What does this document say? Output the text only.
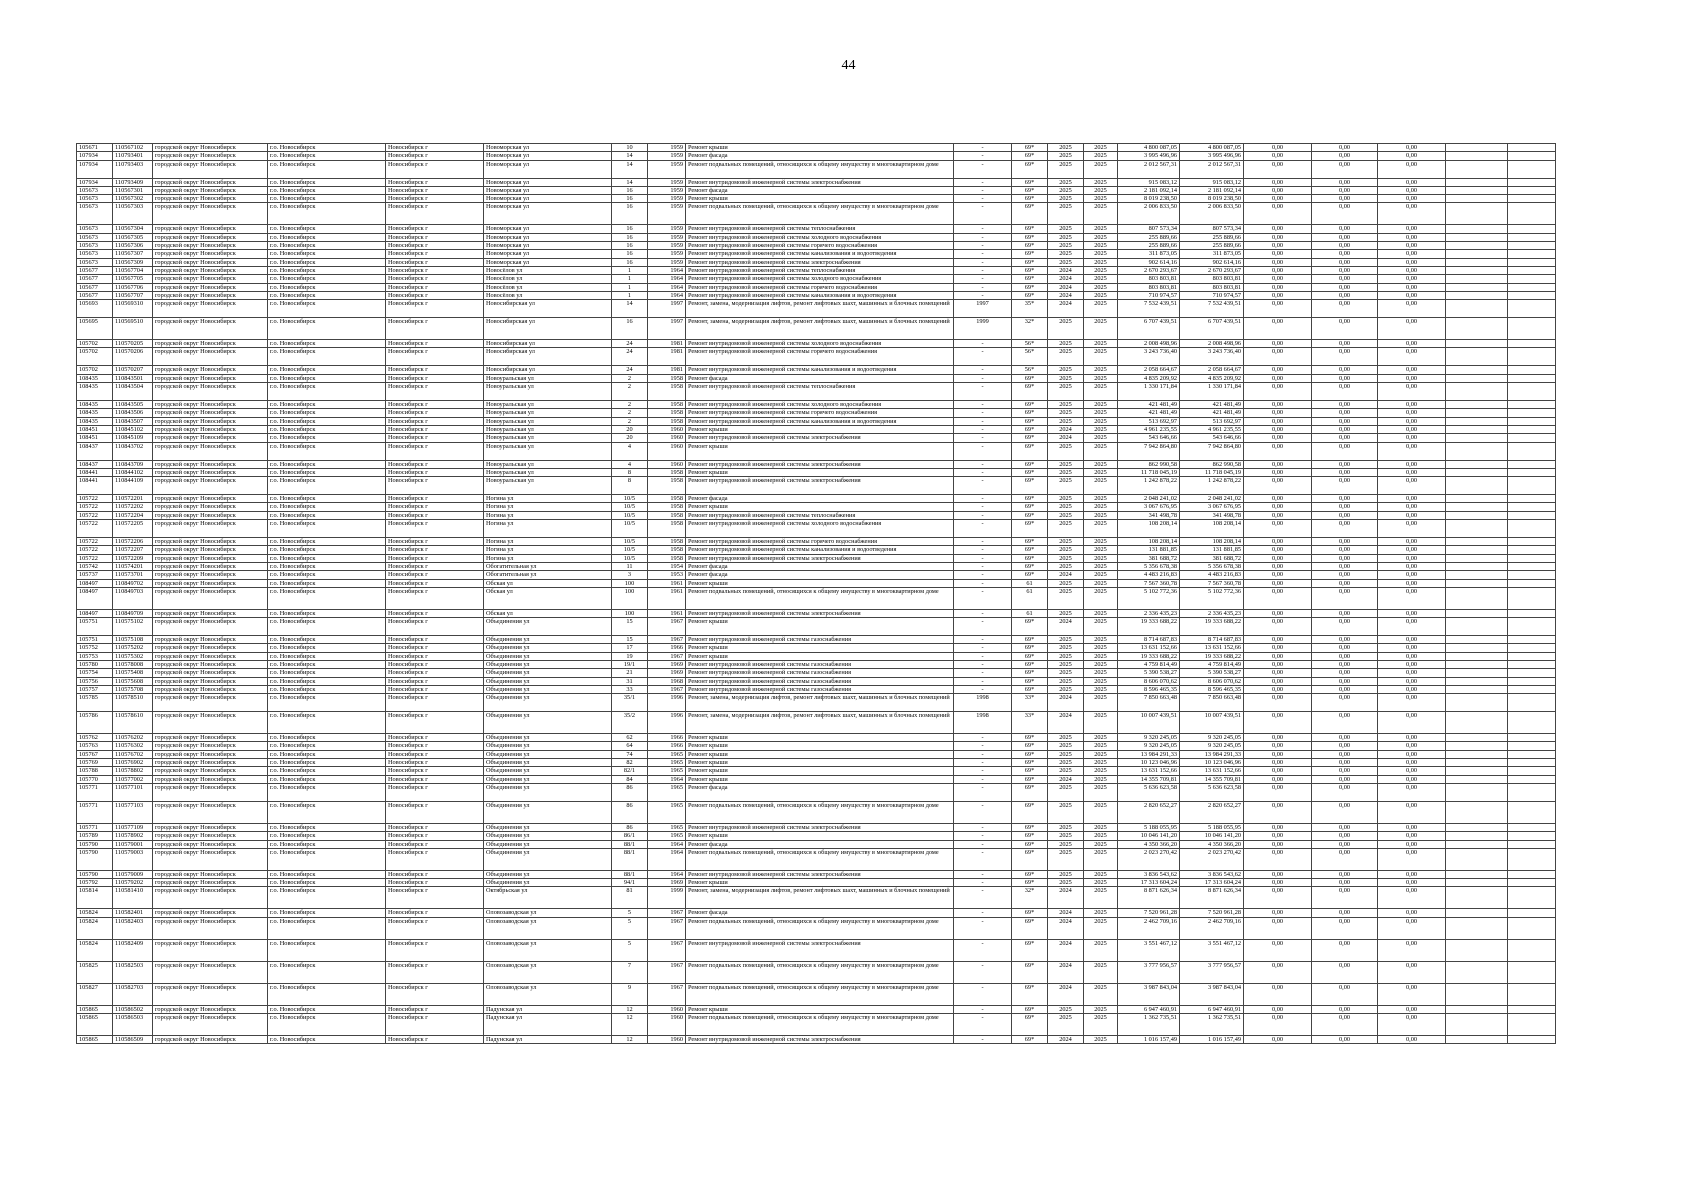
44
105671	110567102	городской округ Новосибирск	г.о. Новосибирск	Новосибирск г	Новоморская ул	10	1959	Ремонт крыши	-	69*	2025	2025	4 800 087,05	4 800 087,05	0,00	0,00	0,00		
107934	110793401	городской округ Новосибирск	г.о. Новосибирск	Новосибирск г	Новоморская ул	14	1959	Ремонт фасада	-	69*	2025	2025	3 995 496,96	3 995 496,96	0,00	0,00	0,00		
107934	110793403	городской округ Новосибирск	г.о. Новосибирск	Новосибирск г	Новоморская ул	14	1959	Ремонт подвальных помещений, относящихся к общему имуществу в многоквартирном доме	-	69*	2025	2025	2 012 567,31	2 012 567,31	0,00	0,00	0,00		
107934	110793409	городской округ Новосибирск	г.о. Новосибирск	Новосибирск г	Новоморская ул	14	1959	Ремонт внутридомовой инженерной системы электроснабжения	-	69*	2025	2025	915 083,12	915 083,12	0,00	0,00	0,00		
105673	110567301	городской округ Новосибирск	г.о. Новосибирск	Новосибирск г	Новоморская ул	16	1959	Ремонт фасада	-	69*	2025	2025	2 181 092,14	2 181 092,14	0,00	0,00	0,00		
105673	110567302	городской округ Новосибирск	г.о. Новосибирск	Новосибирск г	Новоморская ул	16	1959	Ремонт крыши	-	69*	2025	2025	8 019 238,50	8 019 238,50	0,00	0,00	0,00		
105673	110567303	городской округ Новосибирск	г.о. Новосибирск	Новосибирск г	Новоморская ул	16	1959	Ремонт подвальных помещений, относящихся к общему имуществу в многоквартирном доме	-	69*	2025	2025	2 006 833,50	2 006 833,50	0,00	0,00	0,00		
105673	110567304	городской округ Новосибирск	г.о. Новосибирск	Новосибирск г	Новоморская ул	16	1959	Ремонт внутридомовой инженерной системы теплоснабжения	-	69*	2025	2025	807 573,34	807 573,34	0,00	0,00	0,00		
105673	110567305	городской округ Новосибирск	г.о. Новосибирск	Новосибирск г	Новоморская ул	16	1959	Ремонт внутридомовой инженерной системы холодного водоснабжения	-	69*	2025	2025	255 889,66	255 889,66	0,00	0,00	0,00		
105673	110567306	городской округ Новосибирск	г.о. Новосибирск	Новосибирск г	Новоморская ул	16	1959	Ремонт внутридомовой инженерной системы горячего водоснабжения	-	69*	2025	2025	255 889,66	255 889,66	0,00	0,00	0,00		
105673	110567307	городской округ Новосибирск	г.о. Новосибирск	Новосибирск г	Новоморская ул	16	1959	Ремонт внутридомовой инженерной системы канализования и водоотведения	-	69*	2025	2025	311 873,05	311 873,05	0,00	0,00	0,00		
105673	110567309	городской округ Новосибирск	г.о. Новосибирск	Новосибирск г	Новоморская ул	16	1959	Ремонт внутридомовой инженерной системы электроснабжения	-	69*	2025	2025	902 614,16	902 614,16	0,00	0,00	0,00		
105677	110567704	городской округ Новосибирск	г.о. Новосибирск	Новосибирск г	Новосёлов ул	1	1964	Ремонт внутридомовой инженерной системы теплоснабжения	-	69*	2024	2025	2 670 293,67	2 670 293,67	0,00	0,00	0,00		
105677	110567705	городской округ Новосибирск	г.о. Новосибирск	Новосибирск г	Новосёлов ул	1	1964	Ремонт внутридомовой инженерной системы холодного водоснабжения	-	69*	2024	2025	803 803,81	803 803,81	0,00	0,00	0,00		
105677	110567706	городской округ Новосибирск	г.о. Новосибирск	Новосибирск г	Новосёлов ул	1	1964	Ремонт внутридомовой инженерной системы горячего водоснабжения	-	69*	2024	2025	803 803,81	803 803,81	0,00	0,00	0,00		
105677	110567707	городской округ Новосибирск	г.о. Новосибирск	Новосибирск г	Новосёлов ул	1	1964	Ремонт внутридомовой инженерной системы канализования и водоотведения	-	69*	2024	2025	710 974,57	710 974,57	0,00	0,00	0,00		
105693	110569310	городской округ Новосибирск	г.о. Новосибирск	Новосибирск г	Новосибирская ул	14	1997	Ремонт, замена, модернизация лифтов, ремонт лифтовых шахт, машинных и блочных помещений	1997	35*	2024	2025	7 532 439,51	7 532 439,51	0,00	0,00	0,00		
105695	110569510	городской округ Новосибирск	г.о. Новосибирск	Новосибирск г	Новосибирская ул	16	1997	Ремонт, замена, модернизация лифтов, ремонт лифтовых шахт, машинных и блочных помещений	1999	32*	2025	2025	6 707 439,51	6 707 439,51	0,00	0,00	0,00		
105702	110570205	городской округ Новосибирск	г.о. Новосибирск	Новосибирск г	Новосибирская ул	24	1981	Ремонт внутридомовой инженерной системы холодного водоснабжения	-	56*	2025	2025	2 008 498,96	2 008 498,96	0,00	0,00	0,00		
105702	110570206	городской округ Новосибирск	г.о. Новосибирск	Новосибирск г	Новосибирская ул	24	1981	Ремонт внутридомовой инженерной системы горячего водоснабжения	-	56*	2025	2025	3 243 736,40	3 243 736,40	0,00	0,00	0,00		
105702	110570207	городской округ Новосибирск	г.о. Новосибирск	Новосибирск г	Новосибирская ул	24	1981	Ремонт внутридомовой инженерной системы канализования и водоотведения	-	56*	2025	2025	2 058 664,67	2 058 664,67	0,00	0,00	0,00		
108435	110843501	городской округ Новосибирск	г.о. Новосибирск	Новосибирск г	Новоуральская ул	2	1958	Ремонт фасада	-	69*	2025	2025	4 835 209,92	4 835 209,92	0,00	0,00	0,00		
108435	110843504	городской округ Новосибирск	г.о. Новосибирск	Новосибирск г	Новоуральская ул	2	1958	Ремонт внутридомовой инженерной системы теплоснабжения	-	69*	2025	2025	1 330 171,84	1 330 171,84	0,00	0,00	0,00		
108435	110843505	городской округ Новосибирск	г.о. Новосибирск	Новосибирск г	Новоуральская ул	2	1958	Ремонт внутридомовой инженерной системы холодного водоснабжения	-	69*	2025	2025	421 481,49	421 481,49	0,00	0,00	0,00		
108435	110843506	городской округ Новосибирск	г.о. Новосибирск	Новосибирск г	Новоуральская ул	2	1958	Ремонт внутридомовой инженерной системы горячего водоснабжения	-	69*	2025	2025	421 481,49	421 481,49	0,00	0,00	0,00		
108435	110843507	городской округ Новосибирск	г.о. Новосибирск	Новосибирск г	Новоуральская ул	2	1958	Ремонт внутридомовой инженерной системы канализования и водоотведения	-	69*	2025	2025	513 692,97	513 692,97	0,00	0,00	0,00		
108451	110845102	городской округ Новосибирск	г.о. Новосибирск	Новосибирск г	Новоуральская ул	20	1960	Ремонт крыши	-	69*	2024	2025	4 961 235,55	4 961 235,55	0,00	0,00	0,00		
108451	110845109	городской округ Новосибирск	г.о. Новосибирск	Новосибирск г	Новоуральская ул	20	1960	Ремонт внутридомовой инженерной системы электроснабжения	-	69*	2024	2025	543 646,66	543 646,66	0,00	0,00	0,00		
108437	110843702	городской округ Новосибирск	г.о. Новосибирск	Новосибирск г	Новоуральская ул	4	1960	Ремонт крыши	-	69*	2025	2025	7 942 864,80	7 942 864,80	0,00	0,00	0,00		
108437	110843709	городской округ Новосибирск	г.о. Новосибирск	Новосибирск г	Новоуральская ул	4	1960	Ремонт внутридомовой инженерной системы электроснабжения	-	69*	2025	2025	862 990,58	862 990,58	0,00	0,00	0,00		
108441	110844102	городской округ Новосибирск	г.о. Новосибирск	Новосибирск г	Новоуральская ул	8	1958	Ремонт крыши	-	69*	2025	2025	11 718 045,19	11 718 045,19	0,00	0,00	0,00		
108441	110844109	городской округ Новосибирск	г.о. Новосибирск	Новосибирск г	Новоуральская ул	8	1958	Ремонт внутридомовой инженерной системы электроснабжения	-	69*	2025	2025	1 242 878,22	1 242 878,22	0,00	0,00	0,00		
105722	110572201	городской округ Новосибирск	г.о. Новосибирск	Новосибирск г	Ногина ул	10/5	1958	Ремонт фасада	-	69*	2025	2025	2 048 241,02	2 048 241,02	0,00	0,00	0,00		
105722	110572202	городской округ Новосибирск	г.о. Новосибирск	Новосибирск г	Ногина ул	10/5	1958	Ремонт крыши	-	69*	2025	2025	3 067 676,95	3 067 676,95	0,00	0,00	0,00		
105722	110572204	городской округ Новосибирск	г.о. Новосибирск	Новосибирск г	Ногина ул	10/5	1958	Ремонт внутридомовой инженерной системы теплоснабжения	-	69*	2025	2025	341 498,78	341 498,78	0,00	0,00	0,00		
105722	110572205	городской округ Новосибирск	г.о. Новосибирск	Новосибирск г	Ногина ул	10/5	1958	Ремонт внутридомовой инженерной системы холодного водоснабжения	-	69*	2025	2025	108 208,14	108 208,14	0,00	0,00	0,00		
105722	110572206	городской округ Новосибирск	г.о. Новосибирск	Новосибирск г	Ногина ул	10/5	1958	Ремонт внутридомовой инженерной системы горячего водоснабжения	-	69*	2025	2025	108 208,14	108 208,14	0,00	0,00	0,00		
105722	110572207	городской округ Новосибирск	г.о. Новосибирск	Новосибирск г	Ногина ул	10/5	1958	Ремонт внутридомовой инженерной системы канализования и водоотведения	-	69*	2025	2025	131 881,85	131 881,85	0,00	0,00	0,00		
105722	110572209	городской округ Новосибирск	г.о. Новосибирск	Новосибирск г	Ногина ул	10/5	1958	Ремонт внутридомовой инженерной системы электроснабжения	-	69*	2025	2025	381 688,72	381 688,72	0,00	0,00	0,00		
105742	110574201	городской округ Новосибирск	г.о. Новосибирск	Новосибирск г	Обогатительная ул	11	1954	Ремонт фасада	-	69*	2025	2025	5 356 678,38	5 356 678,38	0,00	0,00	0,00		
105737	110573701	городской округ Новосибирск	г.о. Новосибирск	Новосибирск г	Обогатительная ул	3	1953	Ремонт фасада	-	69*	2024	2025	4 483 216,83	4 483 216,83	0,00	0,00	0,00		
108497	110849702	городской округ Новосибирск	г.о. Новосибирск	Новосибирск г	Обская ул	100	1961	Ремонт крыши	-	61	2025	2025	7 567 360,78	7 567 360,78	0,00	0,00	0,00		
108497	110849703	городской округ Новосибирск	г.о. Новосибирск	Новосибирск г	Обская ул	100	1961	Ремонт подвальных помещений, относящихся к общему имуществу в многоквартирном доме	-	61	2025	2025	5 102 772,36	5 102 772,36	0,00	0,00	0,00		
108497	110849709	городской округ Новосибирск	г.о. Новосибирск	Новосибирск г	Обская ул	100	1961	Ремонт внутридомовой инженерной системы электроснабжения	-	61	2025	2025	2 336 435,23	2 336 435,23	0,00	0,00	0,00		
105751	110575102	городской округ Новосибирск	г.о. Новосибирск	Новосибирск г	Объединения ул	15	1967	Ремонт крыши	-	69*	2024	2025	19 333 688,22	19 333 688,22	0,00	0,00	0,00		
105751	110575108	городской округ Новосибирск	г.о. Новосибирск	Новосибирск г	Объединения ул	15	1967	Ремонт внутридомовой инженерной системы газоснабжения	-	69*	2025	2025	8 714 687,83	8 714 687,83	0,00	0,00	0,00		
105752	110575202	городской округ Новосибирск	г.о. Новосибирск	Новосибирск г	Объединения ул	17	1966	Ремонт крыши	-	69*	2025	2025	13 631 152,66	13 631 152,66	0,00	0,00	0,00		
105753	110575302	городской округ Новосибирск	г.о. Новосибирск	Новосибирск г	Объединения ул	19	1967	Ремонт крыши	-	69*	2025	2025	19 333 688,22	19 333 688,22	0,00	0,00	0,00		
105780	110578008	городской округ Новосибирск	г.о. Новосибирск	Новосибирск г	Объединения ул	19/1	1969	Ремонт внутридомовой инженерной системы газоснабжения	-	69*	2025	2025	4 759 814,49	4 759 814,49	0,00	0,00	0,00		
105754	110575408	городской округ Новосибирск	г.о. Новосибирск	Новосибирск г	Объединения ул	21	1969	Ремонт внутридомовой инженерной системы газоснабжения	-	69*	2025	2025	5 390 538,27	5 390 538,27	0,00	0,00	0,00		
105756	110575608	городской округ Новосибирск	г.о. Новосибирск	Новосибирск г	Объединения ул	31	1968	Ремонт внутридомовой инженерной системы газоснабжения	-	69*	2025	2025	8 606 070,62	8 606 070,62	0,00	0,00	0,00		
105757	110575708	городской округ Новосибирск	г.о. Новосибирск	Новосибирск г	Объединения ул	33	1967	Ремонт внутридомовой инженерной системы газоснабжения	-	69*	2025	2025	8 596 465,35	8 596 465,35	0,00	0,00	0,00		
105785	110578510	городской округ Новосибирск	г.о. Новосибирск	Новосибирск г	Объединения ул	35/1	1996	Ремонт, замена, модернизация лифтов, ремонт лифтовых шахт, машинных и блочных помещений	1998	33*	2024	2025	7 850 663,48	7 850 663,48	0,00	0,00	0,00		
105786	110578610	городской округ Новосибирск	г.о. Новосибирск	Новосибирск г	Объединения ул	35/2	1996	Ремонт, замена, модернизация лифтов, ремонт лифтовых шахт, машинных и блочных помещений	1998	33*	2024	2025	10 007 439,51	10 007 439,51	0,00	0,00	0,00		
105762	110576202	городской округ Новосибирск	г.о. Новосибирск	Новосибирск г	Объединения ул	62	1966	Ремонт крыши	-	69*	2025	2025	9 320 245,05	9 320 245,05	0,00	0,00	0,00		
105763	110576302	городской округ Новосибирск	г.о. Новосибирск	Новосибирск г	Объединения ул	64	1966	Ремонт крыши	-	69*	2025	2025	9 320 245,05	9 320 245,05	0,00	0,00	0,00		
105767	110576702	городской округ Новосибирск	г.о. Новосибирск	Новосибирск г	Объединения ул	74	1965	Ремонт крыши	-	69*	2025	2025	13 984 291,33	13 984 291,33	0,00	0,00	0,00		
105769	110576902	городской округ Новосибирск	г.о. Новосибирск	Новосибирск г	Объединения ул	82	1965	Ремонт крыши	-	69*	2025	2025	10 123 046,96	10 123 046,96	0,00	0,00	0,00		
105788	110578802	городской округ Новосибирск	г.о. Новосибирск	Новосибирск г	Объединения ул	82/1	1965	Ремонт крыши	-	69*	2025	2025	13 631 152,66	13 631 152,66	0,00	0,00	0,00		
105770	110577002	городской округ Новосибирск	г.о. Новосибирск	Новосибирск г	Объединения ул	84	1964	Ремонт крыши	-	69*	2024	2025	14 355 709,81	14 355 709,81	0,00	0,00	0,00		
105771	110577101	городской округ Новосибирск	г.о. Новосибирск	Новосибирск г	Объединения ул	86	1965	Ремонт фасада	-	69*	2025	2025	5 636 623,58	5 636 623,58	0,00	0,00	0,00		
105771	110577103	городской округ Новосибирск	г.о. Новосибирск	Новосибирск г	Объединения ул	86	1965	Ремонт подвальных помещений, относящихся к общему имуществу в многоквартирном доме	-	69*	2025	2025	2 820 652,27	2 820 652,27	0,00	0,00	0,00		
105771	110577109	городской округ Новосибирск	г.о. Новосибирск	Новосибирск г	Объединения ул	86	1965	Ремонт внутридомовой инженерной системы электроснабжения	-	69*	2025	2025	5 188 055,95	5 188 055,95	0,00	0,00	0,00		
105789	110578902	городской округ Новосибирск	г.о. Новосибирск	Новосибирск г	Объединения ул	86/1	1965	Ремонт крыши	-	69*	2025	2025	10 046 141,20	10 046 141,20	0,00	0,00	0,00		
105790	110579001	городской округ Новосибирск	г.о. Новосибирск	Новосибирск г	Объединения ул	88/1	1964	Ремонт фасада	-	69*	2025	2025	4 350 366,20	4 350 366,20	0,00	0,00	0,00		
105790	110579003	городской округ Новосибирск	г.о. Новосибирск	Новосибирск г	Объединения ул	88/1	1964	Ремонт подвальных помещений, относящихся к общему имуществу в многоквартирном доме	-	69*	2025	2025	2 023 270,42	2 023 270,42	0,00	0,00	0,00		
105790	110579009	городской округ Новосибирск	г.о. Новосибирск	Новосибирск г	Объединения ул	88/1	1964	Ремонт внутридомовой инженерной системы электроснабжения	-	69*	2025	2025	3 836 543,62	3 836 543,62	0,00	0,00	0,00		
105792	110579202	городской округ Новосибирск	г.о. Новосибирск	Новосибирск г	Объединения ул	94/1	1969	Ремонт крыши	-	69*	2025	2025	17 313 604,24	17 313 604,24	0,00	0,00	0,00		
105814	110581410	городской округ Новосибирск	г.о. Новосибирск	Новосибирск г	Октябрьская ул	81	1999	Ремонт, замена, модернизация лифтов, ремонт лифтовых шахт, машинных и блочных помещений	-	32*	2024	2025	8 871 626,34	8 871 626,34	0,00	0,00	0,00		
105824	110582401	городской округ Новосибирск	г.о. Новосибирск	Новосибирск г	Оловозаводская ул	5	1967	Ремонт фасада	-	69*	2024	2025	7 520 961,28	7 520 961,28	0,00	0,00	0,00		
105824	110582403	городской округ Новосибирск	г.о. Новосибирск	Новосибирск г	Оловозаводская ул	5	1967	Ремонт подвальных помещений, относящихся к общему имуществу в многоквартирном доме	-	69*	2024	2025	2 462 709,16	2 462 709,16	0,00	0,00	0,00		
105824	110582409	городской округ Новосибирск	г.о. Новосибирск	Новосибирск г	Оловозаводская ул	5	1967	Ремонт внутридомовой инженерной системы электроснабжения	-	69*	2024	2025	3 551 467,12	3 551 467,12	0,00	0,00	0,00		
105825	110582503	городской округ Новосибирск	г.о. Новосибирск	Новосибирск г	Оловозаводская ул	7	1967	Ремонт подвальных помещений, относящихся к общему имуществу в многоквартирном доме	-	69*	2024	2025	3 777 956,57	3 777 956,57	0,00	0,00	0,00		
105827	110582703	городской округ Новосибирск	г.о. Новосибирск	Новосибирск г	Оловозаводская ул	9	1967	Ремонт подвальных помещений, относящихся к общему имуществу в многоквартирном доме	-	69*	2024	2025	3 987 843,04	3 987 843,04	0,00	0,00	0,00		
105865	110586502	городской округ Новосибирск	г.о. Новосибирск	Новосибирск г	Падунская ул	12	1960	Ремонт крыши	-	69*	2025	2025	6 947 460,91	6 947 460,91	0,00	0,00	0,00		
105865	110586503	городской округ Новосибирск	г.о. Новосибирск	Новосибирск г	Падунская ул	12	1960	Ремонт подвальных помещений, относящихся к общему имуществу в многоквартирном доме	-	69*	2025	2025	1 362 735,51	1 362 735,51	0,00	0,00	0,00		
105865	110586509	городской округ Новосибирск	г.о. Новосибирск	Новосибирск г	Падунская ул	12	1960	Ремонт внутридомовой инженерной системы электроснабжения	-	69*	2024	2025	1 016 157,49	1 016 157,49	0,00	0,00	0,00		
